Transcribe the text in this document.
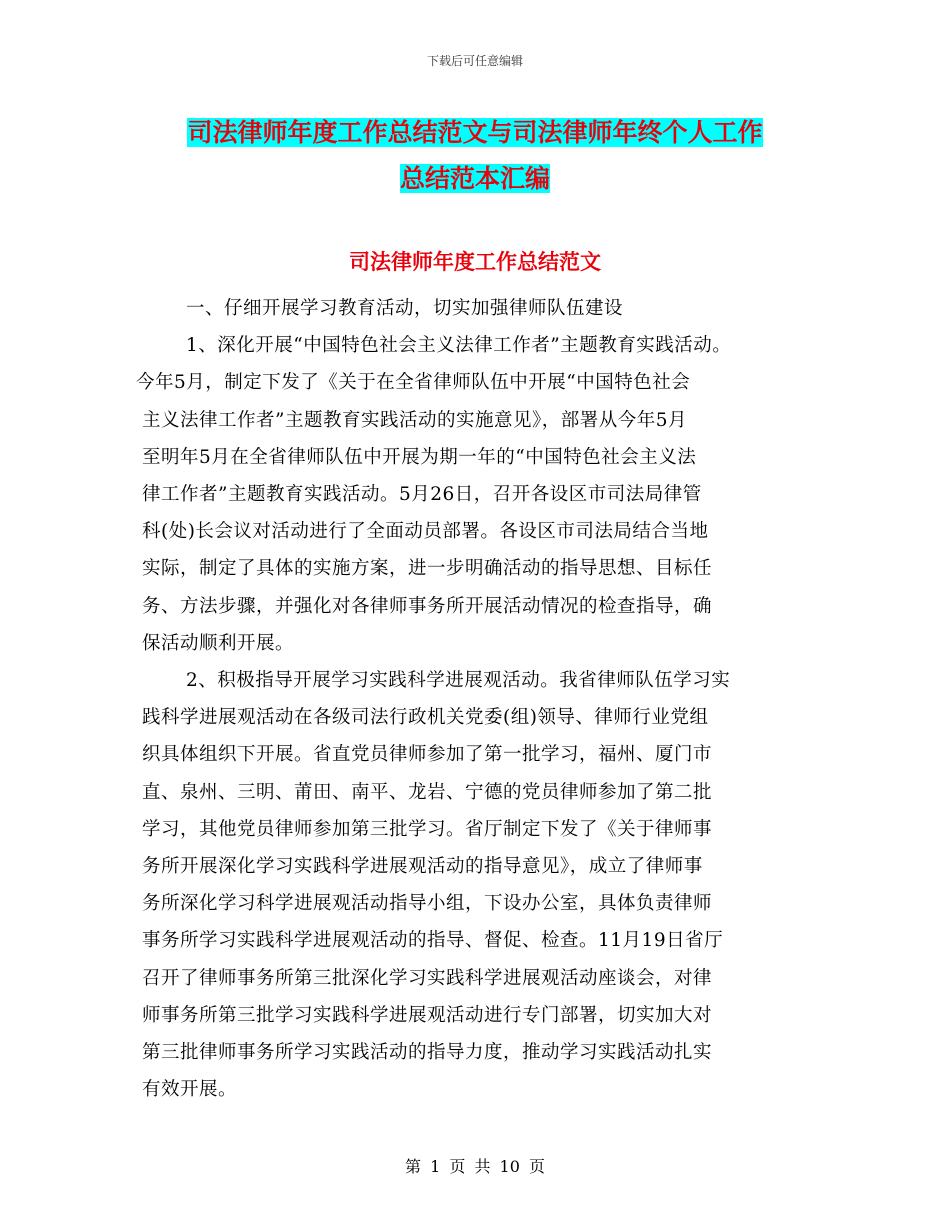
下载后可任意编辑
司法律师年度工作总结范文与司法律师年终个人工作
总结范本汇编
司法律师年度工作总结范文

一、仔细开展学习教育活动，切实加强律师队伍建设

1、深化开展“中国特色社会主义法律工作者”主题教育实践活动。
今年5月，制定下发了《关于在全省律师队伍中开展“中国特色社会
主义法律工作者”主题教育实践活动的实施意见》，部署从今年5月
至明年5月在全省律师队伍中开展为期一年的“中国特色社会主义法
律工作者”主题教育实践活动。5月26日，召开各设区市司法局律管
科(处)长会议对活动进行了全面动员部署。各设区市司法局结合当地
实际，制定了具体的实施方案，进一步明确活动的指导思想、目标任
务、方法步骤，并强化对各律师事务所开展活动情况的检查指导，确
保活动顺利开展。

2、积极指导开展学习实践科学进展观活动。我省律师队伍学习实
践科学进展观活动在各级司法行政机关党委(组)领导、律师行业党组
织具体组织下开展。省直党员律师参加了第一批学习，福州、厦门市
直、泉州、三明、莆田、南平、龙岩、宁德的党员律师参加了第二批
学习，其他党员律师参加第三批学习。省厅制定下发了《关于律师事
务所开展深化学习实践科学进展观活动的指导意见》，成立了律师事
务所深化学习科学进展观活动指导小组，下设办公室，具体负责律师
事务所学习实践科学进展观活动的指导、督促、检查。11月19日省厅
召开了律师事务所第三批深化学习实践科学进展观活动座谈会，对律
师事务所第三批学习实践科学进展观活动进行专门部署，切实加大对
第三批律师事务所学习实践活动的指导力度，推动学习实践活动扎实
有效开展。

第 1 页 共 10 页
